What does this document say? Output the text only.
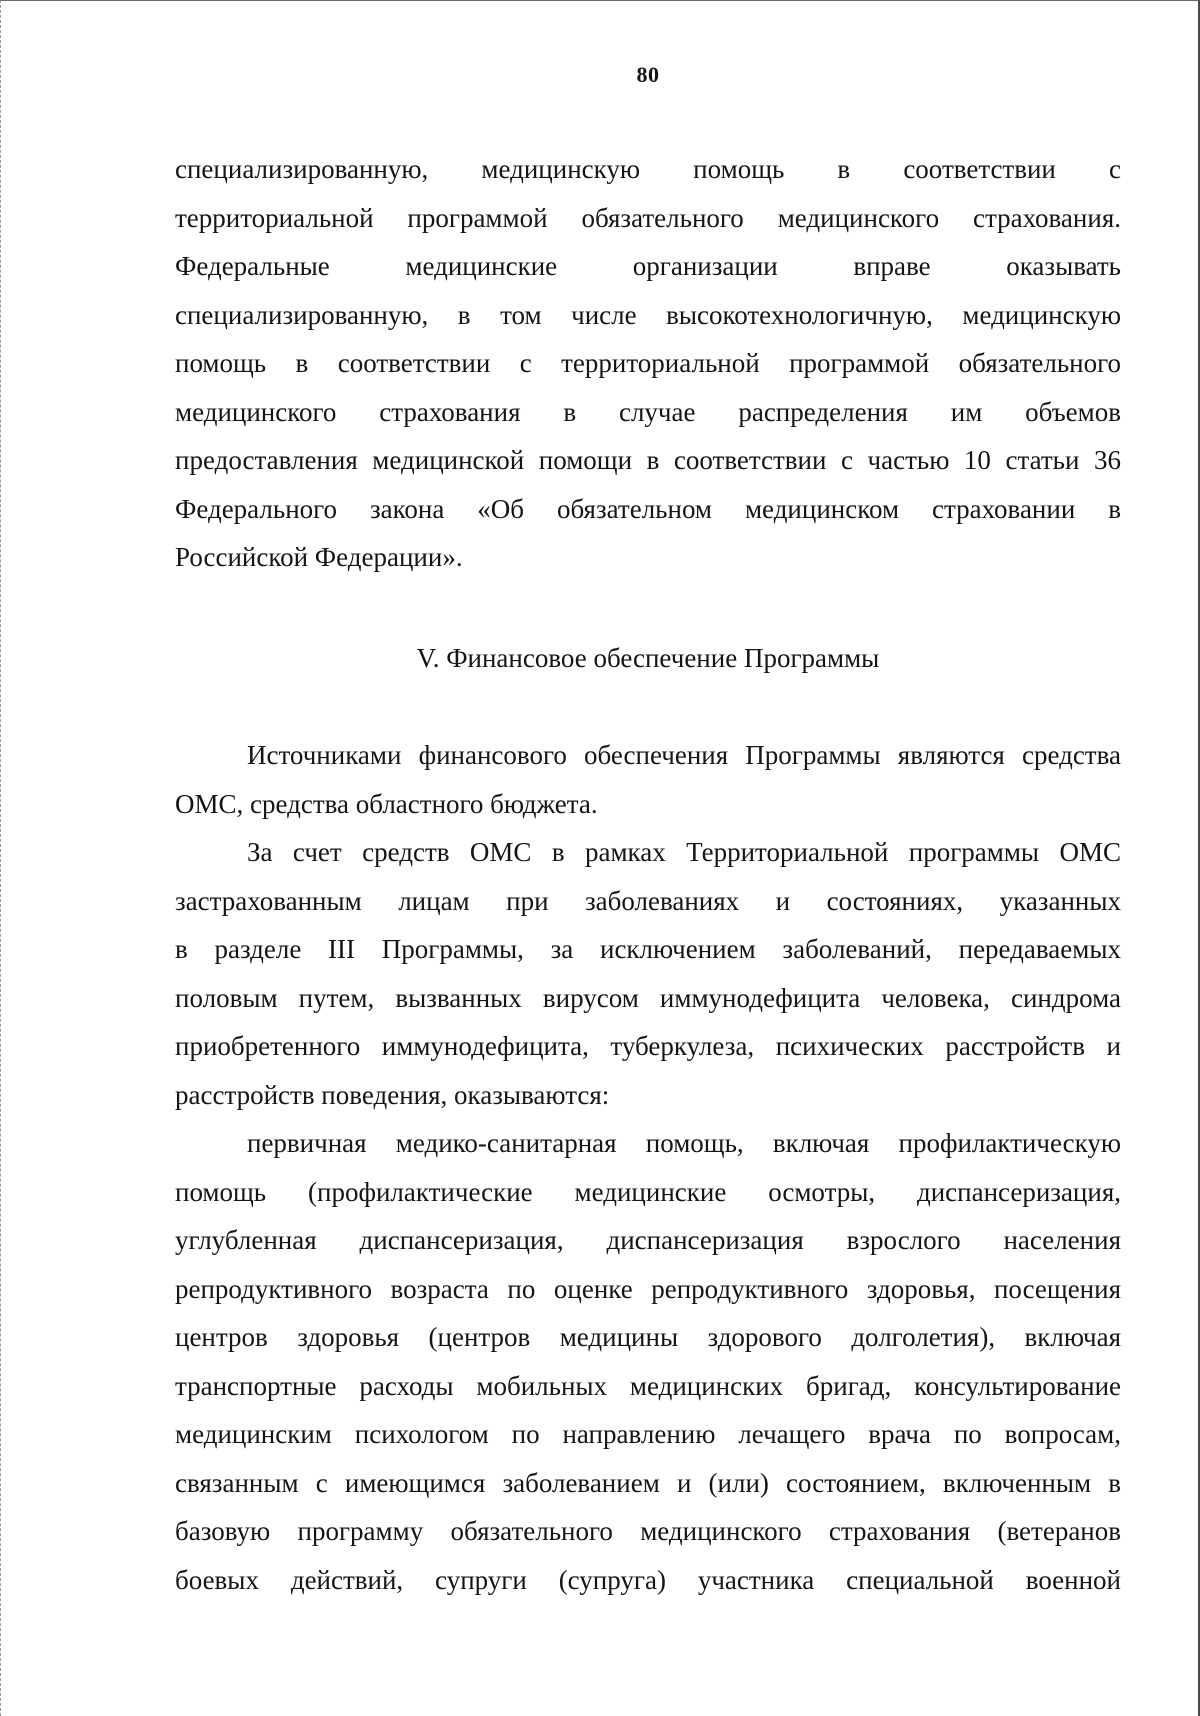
80
специализированную, медицинскую помощь в соответствии с
территориальной программой обязательного медицинского страхования.
Федеральные медицинские организации вправе оказывать
специализированную, в том числе высокотехнологичную, медицинскую
помощь в соответствии с территориальной программой обязательного
медицинского страхования в случае распределения им объемов
предоставления медицинской помощи в соответствии с частью 10 статьи 36
Федерального закона «Об обязательном медицинском страховании в
Российской Федерации».
V. Финансовое обеспечение Программы
Источниками финансового обеспечения Программы являются средства
ОМС, средства областного бюджета.
За счет средств ОМС в рамках Территориальной программы ОМС
застрахованным лицам при заболеваниях и состояниях, указанных
в разделе III Программы, за исключением заболеваний, передаваемых
половым путем, вызванных вирусом иммунодефицита человека, синдрома
приобретенного иммунодефицита, туберкулеза, психических расстройств и
расстройств поведения, оказываются:
первичная медико-санитарная помощь, включая профилактическую
помощь (профилактические медицинские осмотры, диспансеризация,
углубленная диспансеризация, диспансеризация взрослого населения
репродуктивного возраста по оценке репродуктивного здоровья, посещения
центров здоровья (центров медицины здорового долголетия), включая
транспортные расходы мобильных медицинских бригад, консультирование
медицинским психологом по направлению лечащего врача по вопросам,
связанным с имеющимся заболеванием и (или) состоянием, включенным в
базовую программу обязательного медицинского страхования (ветеранов
боевых действий, супруги (супруга) участника специальной военной
